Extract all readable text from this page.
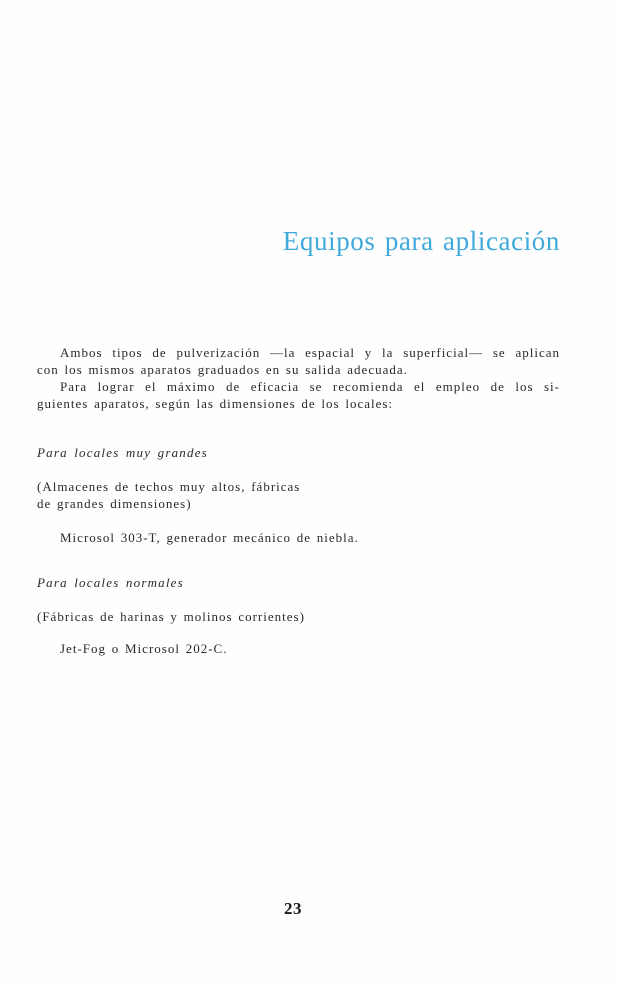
Equipos para aplicación
Ambos tipos de pulverización —la espacial y la superficial— se aplican
con los mismos aparatos graduados en su salida adecuada.
Para lograr el máximo de eficacia se recomienda el empleo de los si-
guientes aparatos, según las dimensiones de los locales:
Para locales muy grandes
(Almacenes de techos muy altos, fábricas
de grandes dimensiones)
Microsol 303-T, generador mecánico de niebla.
Para locales normales
(Fábricas de harinas y molinos corrientes)
Jet-Fog o Microsol 202-C.
23
